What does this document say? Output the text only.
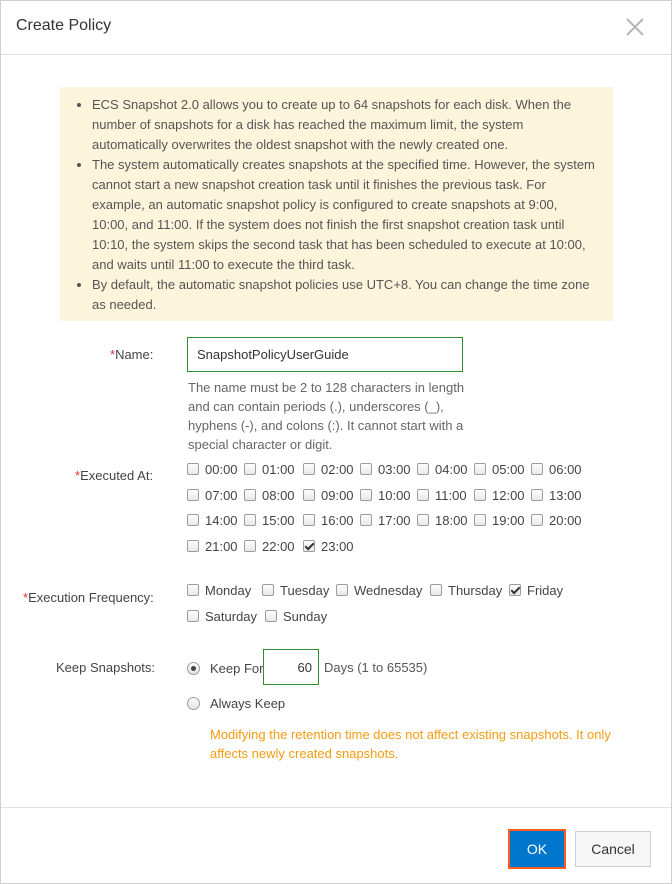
Create Policy
• ECS Snapshot 2.0 allows you to create up to 64 snapshots for each disk. When the number of snapshots for a disk has reached the maximum limit, the system automatically overwrites the oldest snapshot with the newly created one.
• The system automatically creates snapshots at the specified time. However, the system cannot start a new snapshot creation task until it finishes the previous task. For example, an automatic snapshot policy is configured to create snapshots at 9:00, 10:00, and 11:00. If the system does not finish the first snapshot creation task until 10:10, the system skips the second task that has been scheduled to execute at 10:00, and waits until 11:00 to execute the third task.
• By default, the automatic snapshot policies use UTC+8. You can change the time zone as needed.
*Name:
SnapshotPolicyUserGuide
The name must be 2 to 128 characters in length and can contain periods (.), underscores (_), hyphens (-), and colons (:). It cannot start with a special character or digit.
*Executed At:	00:00 01:00 02:00 03:00 04:00 05:00 06:00
07:00 08:00 09:00 10:00 11:00 12:00 13:00
14:00 15:00 16:00 17:00 18:00 19:00 20:00
21:00 22:00 23:00
*Execution Frequency:	Monday Tuesday Wednesday Thursday Friday
Saturday Sunday
Keep Snapshots:	Keep For
60	Days (1 to 65535)
Always Keep
Modifying the retention time does not affect existing snapshots. It only affects newly created snapshots.
OK	Cancel
